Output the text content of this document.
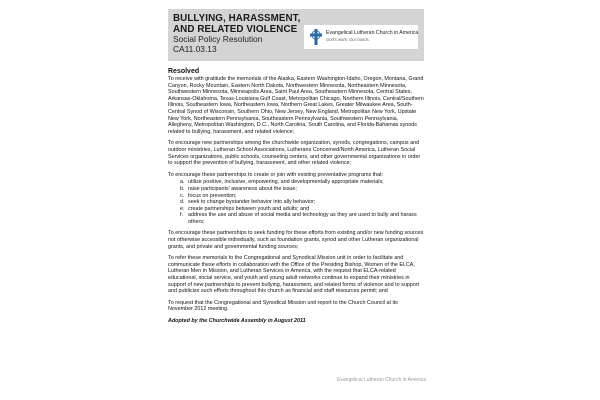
BULLYING, HARASSMENT,
AND RELATED VIOLENCE
Social Policy Resolution
CA11.03.13
Evangelical Lutheran Church in America
God's work. Our hands.
Resolved

To receive with gratitude the memorials of the Alaska, Eastern Washington-Idaho, Oregon, Montana, Grand Canyon, Rocky Mountain, Eastern North Dakota, Northwestern Minnesota, Northeastern Minnesota, Southwestern Minnesota, Minneapolis Area, Saint Paul Area, Southeastern Minnesota, Central States, Arkansas-Oklahoma, Texas-Louisiana Gulf Coast, Metropolitan Chicago, Northern Illinois, Central/Southern Illinois, Southeastern Iowa, Northeastern Iowa, Northern Great Lakes, Greater Milwaukee Area, South-Central Synod of Wisconsin, Southern Ohio, New Jersey, New England, Metropolitan New York, Upstate New York, Northeastern Pennsylvania, Southeastern Pennsylvania, Southwestern Pennsylvania, Allegheny, Metropolitan Washington, D.C., North Carolina, South Carolina, and Florida-Bahamas synods related to bullying, harassment, and related violence;

To encourage new partnerships among the churchwide organization, synods, congregations, campus and outdoor ministries, Lutheran School Associations, Lutherans Concerned/North America, Lutheran Social Services organizations, public schools, counseling centers, and other governmental organizations in order to support the prevention of bullying, harassment, and other related violence;

To encourage these partnerships to create or join with existing preventative programs that:

a. utilize positive, inclusive, empowering, and developmentally appropriate materials;
b. raise participants' awareness about the issue;
c. focus on prevention;
d. seek to change bystander behavior into ally behavior;
e. create partnerships between youth and adults; and
f. address the use and abuse of social media and technology as they are used to bully and harass others;

To encourage these partnerships to seek funding for these efforts from existing and/or new funding sources not otherwise accessible individually, such as foundation grants, synod and other Lutheran organizational grants, and private and governmental funding sources;

To refer these memorials to the Congregational and Synodical Mission unit in order to facilitate and communicate these efforts in collaboration with the Office of the Presiding Bishop, Women of the ELCA, Lutheran Men in Mission, and Lutheran Services in America, with the request that ELCA-related educational, social service, and youth and young adult networks continue to expand their ministries in support of new partnerships to prevent bullying, harassment, and related forms of violence and to support and publicize such efforts throughout this church as financial and staff resources permit; and

To request that the Congregational and Synodical Mission unit report to the Church Council at its November 2012 meeting.

Adopted by the Churchwide Assembly in August 2011
Evangelical Lutheran Church in America
